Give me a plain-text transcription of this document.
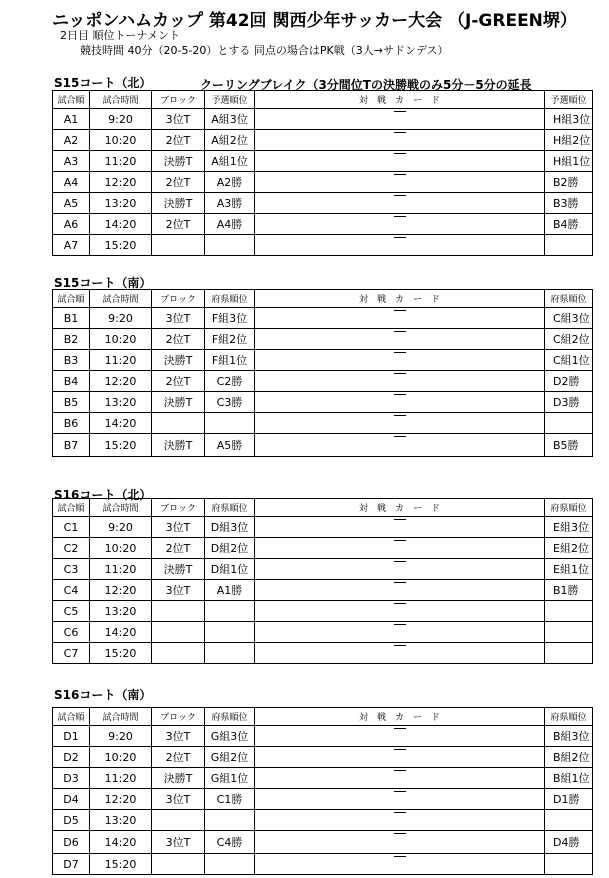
ニッポンハムカップ 第42回 関西少年サッカー大会 （J-GREEN堺）
2日目 順位トーナメント
競技時間 40分（20-5-20）とする 同点の場合はPK戦（3人→サドンデス）
S15コート（北）	クーリングブレイク（3分間位Tの決勝戦のみ5分－5分の延長
試合順	試合時間	ブロック	予選順位	対　戦　カ　ー　ド	予選順位
A1	9:20	3位T	A組3位		H組3位
A2	10:20	2位T	A組2位		H組2位
A3	11:20	決勝T	A組1位		H組1位
A4	12:20	2位T	A2勝		B2勝
A5	13:20	決勝T	A3勝		B3勝
A6	14:20	2位T	A4勝		B4勝
A7	15:20			

S15コート（南）
試合順	試合時間	ブロック	府県順位	対　戦　カ　ー　ド	府県順位
B1	9:20	3位T	F組3位		C組3位
B2	10:20	2位T	F組2位		C組2位
B3	11:20	決勝T	F組1位		C組1位
B4	12:20	2位T	C2勝		D2勝
B5	13:20	決勝T	C3勝		D3勝
B6	14:20			

B7	15:20	決勝T	A5勝		B5勝
S16コート（北）
試合順	試合時間	ブロック	府県順位	対　戦　カ　ー　ド	府県順位
C1	9:20	3位T	D組3位		E組3位
C2	10:20	2位T	D組2位		E組2位
C3	11:20	決勝T	D組1位		E組1位
C4	12:20	3位T	A1勝		B1勝
C5	13:20			

C6	14:20			

C7	15:20			

S16コート（南）
試合順	試合時間	ブロック	府県順位	対　戦　カ　ー　ド	府県順位
D1	9:20	3位T	G組3位		B組3位
D2	10:20	2位T	G組2位		B組2位
D3	11:20	決勝T	G組1位		B組1位
D4	12:20	3位T	C1勝		D1勝
D5	13:20			

D6	14:20	3位T	C4勝		D4勝
D7	15:20			
